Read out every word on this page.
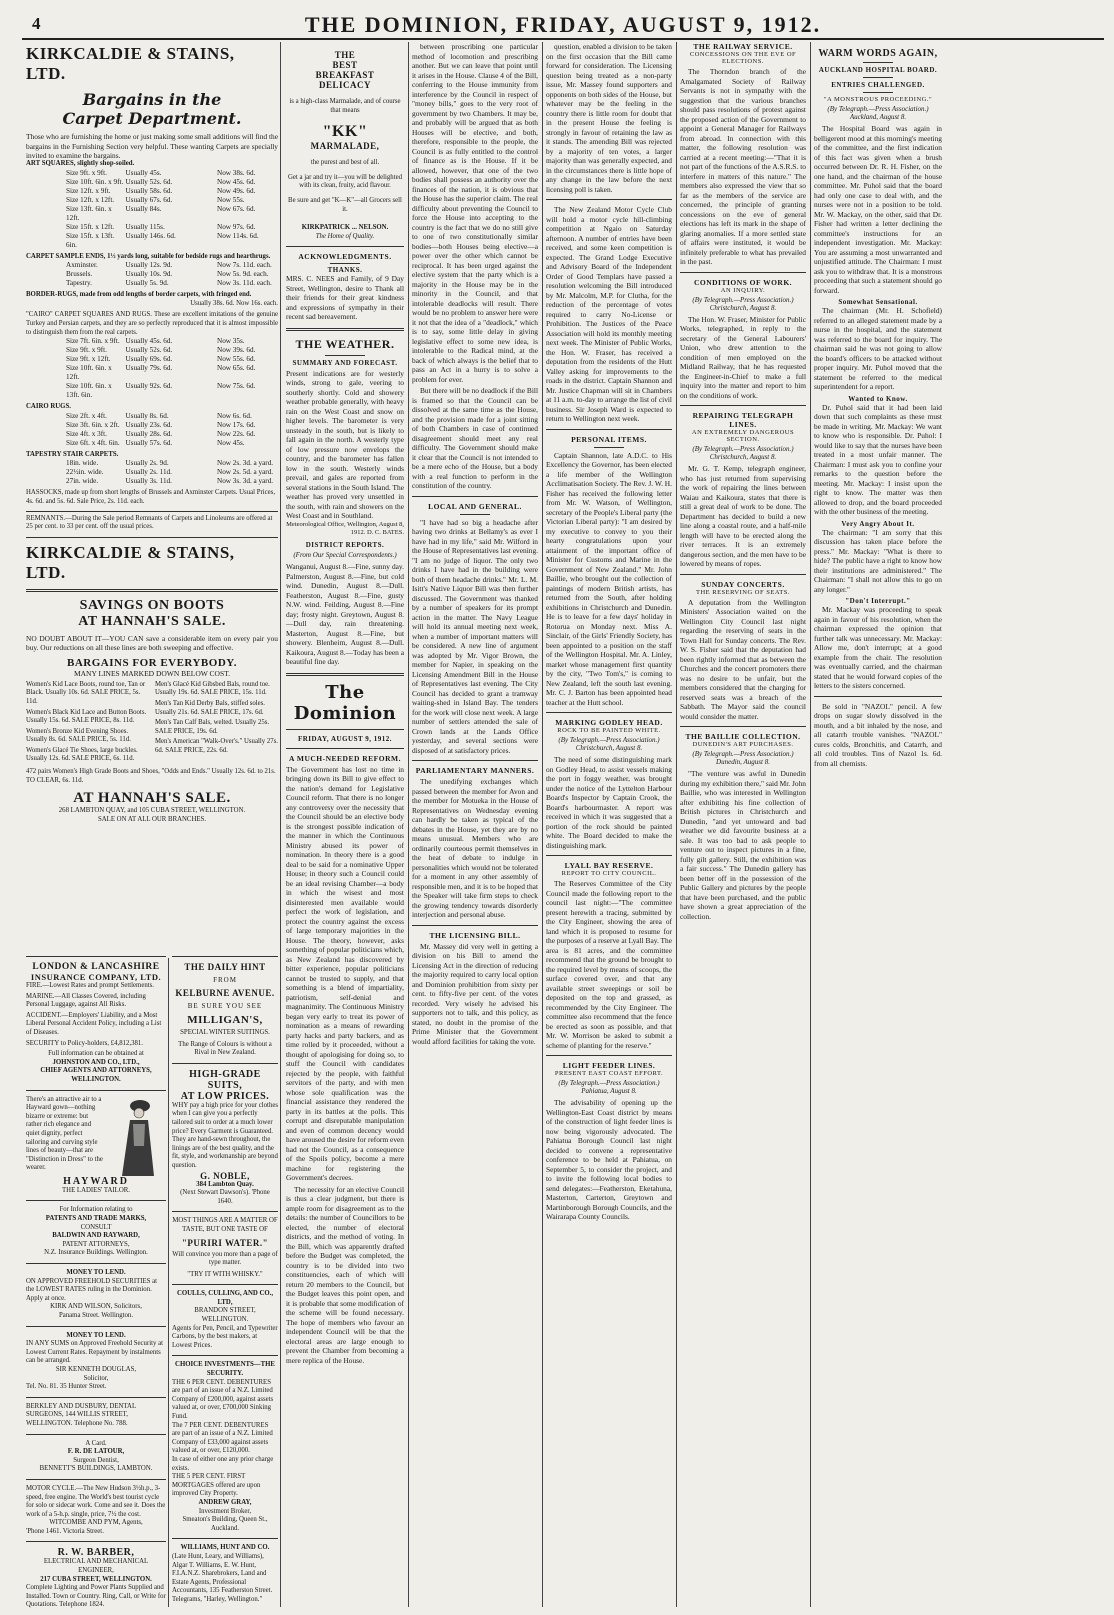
4	THE DOMINION, FRIDAY, AUGUST 9, 1912.
KIRKCALDIE & STAINS, LTD.
Bargains in the
Carpet Department.
Those who are furnishing the home or just making some small additions will find the bargains in the Furnishing Section very helpful. These wanting Carpets are specially invited to examine the bargains.
ART SQUARES, slightly shop-soiled.
Size 9ft. x 9ft.	Usually 45s.	Now 38s. 6d.
Size 10ft. 6in. x 9ft. Usually 52s. 6d.	Now 45s. 6d.
Size 12ft. x 9ft.	Usually 58s. 6d.	Now 49s. 6d.
Size 12ft. x 12ft.	Usually 67s. 6d.	Now 55s.
Size 13ft. 6in. x 12ft.
Usually 84s.	Now 67s. 6d.
Size 15ft. x 12ft.	Usually 115s.	Now 97s. 6d.
Size 15ft. x 13ft. 6in.
Usually 146s. 6d.	Now 114s. 6d.
CARPET SAMPLE ENDS, 1½ yards long, suitable for bedside rugs and hearthrugs.
Axminster.	Usually 12s. 9d.	Now 7s. 11d. each.
Brussels.	Usually 10s. 9d.	Now 5s. 9d. each.
Tapestry.	Usually 5s. 9d.	Now 3s. 11d. each.
BORDER-RUGS, made from odd lengths of border carpets, with fringed end.
Usually 38s. 6d. Now 16s. each.
"CAIRO" CARPET SQUARES AND RUGS. These are excellent imitations of the genuine Turkey and Persian carpets, and they are so perfectly reproduced that it is almost impossible to distinguish them from the real carpets.
Size 7ft. 6in. x 9ft. Usually 45s. 6d.	Now 35s.
Size 9ft. x 9ft.	Usually 52s. 6d.	Now 39s. 6d.
Size 9ft. x 12ft.	Usually 69s. 6d.	Now 55s. 6d.
Size 10ft. 6in. x 12ft.
Usually 79s. 6d.	Now 65s. 6d.
Size 10ft. 6in. x 13ft. 6in.
Usually 92s. 6d.	Now 75s. 6d.
CAIRO RUGS.
Size 2ft. x 4ft.	Usually 8s. 6d.	Now 6s. 6d.
Size 3ft. 6in. x 2ft. Usually 23s. 6d.	Now 17s. 6d.
Size 4ft. x 3ft.	Usually 28s. 6d.	Now 22s. 6d.
Size 6ft. x 4ft. 6in. Usually 57s. 6d.	Now 45s.
TAPESTRY STAIR CARPETS.
18in. wide.	Usually 2s. 9d.	Now 2s. 3d. a yard.
22½in. wide.	Usually 2s. 11d.	Now 2s. 5d. a yard.
27in. wide.	Usually 3s. 11d.	Now 3s. 3d. a yard.
HASSOCKS, made up from short lengths of Brussels and Axminster Carpets. Usual Prices, 4s. 6d. and 5s. 6d. Sale Price, 2s. 11d. each.
REMNANTS.—During the Sale period Remnants of Carpets and Linoleums are offered at 25 per cent. to 33 per cent. off the usual prices.
KIRKCALDIE & STAINS, LTD.
SAVINGS ON BOOTS
AT HANNAH'S SALE.
NO DOUBT ABOUT IT—YOU CAN save a considerable item on every pair you buy. Our reductions on all these lines are both sweeping and effective.
BARGAINS FOR EVERYBODY.
MANY LINES MARKED DOWN BELOW COST.
Women's Kid Lace Boots, round toe, Tan or Black. Usually 10s. 6d. SALE PRICE, 5s. 11d.
Women's Black Kid Lace and Button Boots. Usually 15s. 6d. SALE PRICE, 8s. 11d.
Women's Bronze Kid Evening Shoes. Usually 8s. 6d. SALE PRICE, 5s. 11d.
Women's Glacé Tie Shoes, large buckles. Usually 12s. 6d. SALE PRICE, 6s. 11d.
Men's Glacé Kid Gibsbed Bals, round toe. Usually 19s. 6d. SALE PRICE, 15s. 11d.
Men's Tan Kid Derby Bals, stiffed soles. Usually 21s. 6d. SALE PRICE, 17s. 6d.
Men's Tan Calf Bals, welted. Usually 25s. SALE PRICE, 19s. 6d.
Men's American "Walk-Over's." Usually 27s. 6d. SALE PRICE, 22s. 6d.
472 pairs Women's High Grade Boots and Shoes, "Odds and Ends." Usually 12s. 6d. to 21s. TO CLEAR, 6s. 11d.
AT HANNAH'S SALE.
268 LAMBTON QUAY, and 105 CUBA STREET, WELLINGTON.
SALE ON AT ALL OUR BRANCHES.
LONDON & LANCASHIRE
INSURANCE COMPANY, LTD.
FIRE.—Lowest Rates and prompt Settlements.
MARINE.—All Classes Covered, including Personal Luggage, against All Risks.
ACCIDENT.—Employers' Liability, and a Most Liberal Personal Accident Policy, including a List of Diseases.
SECURITY to Policy-holders, £4,812,381.
Full information can be obtained at
JOHNSTON AND CO., LTD.,
CHIEF AGENTS AND ATTORNEYS,
WELLINGTON.
There's an attractive air to a Hayward gown—nothing bizarre or extreme: but rather rich elegance and quiet dignity, perfect tailoring and curving style lines of beauty—that are "Distinction in Dress" to the wearer.
HAYWARD
THE LADIES' TAILOR.
For Information relating to
PATENTS AND TRADE MARKS,
CONSULT
BALDWIN AND RAYWARD,
PATENT ATTORNEYS,
N.Z. Insurance Buildings. Wellington.
MONEY TO LEND.
ON APPROVED FREEHOLD SECURITIES at the LOWEST RATES ruling in the Dominion. Apply at once.
KIRK AND WILSON, Solicitors,
Panama Street. Wellington.
MONEY TO LEND.
IN ANY SUMS on Approved Freehold Security at Lowest Current Rates. Repayment by instalments can be arranged.
SIR KENNETH DOUGLAS,
Solicitor,
Tel. No. 81. 35 Hunter Street.
BERKLEY AND DUSBURY, DENTAL SURGEONS, 144 WILLIS STREET, WELLINGTON. Telephone No. 788.
A Card.
F. R. DE LATOUR,
Surgeon Dentist,
BENNETT'S BUILDINGS, LAMBTON.
MOTOR CYCLE.—The New Hudson 3½h.p., 3-speed, free engine. The World's best tourist cycle for solo or sidecar work. Come and see it. Does the work of a 5-h.p. single, price, 7½ the cost.
WITCOMBE AND PYM, Agents,
'Phone 1461. Victoria Street.
R. W. BARBER,
ELECTRICAL AND MECHANICAL ENGINEER,
217 CUBA STREET, WELLINGTON.
Complete Lighting and Power Plants Supplied and Installed. Town or Country. Ring, Call, or Write for Quotations. Telephone 1824.
THE DAILY HINT
FROM
KELBURNE AVENUE.
BE SURE YOU SEE
MILLIGAN'S,
SPECIAL WINTER SUITINGS.
The Range of Colours is without a Rival in New Zealand.
HIGH-GRADE SUITS,
AT LOW PRICES.
WHY pay a high price for your clothes when I can give you a perfectly tailored suit to order at a much lower price? Every Garment is Guaranteed. They are hand-sewn throughout, the linings are of the best quality, and the fit, style, and workmanship are beyond question.
G. NOBLE,
384 Lambton Quay.
(Next Stewart Dawson's). 'Phone 1640.
MOST THINGS ARE A MATTER OF
TASTE, BUT ONE TASTE OF
"PURIRI WATER."
Will convince you more than a page of type matter.
"TRY IT WITH WHISKY."
COULLS, CULLING, AND CO., LTD,
BRANDON STREET,
WELLINGTON.
Agents for Pen, Pencil, and Typewriter Carbons, by the best makers, at Lowest Prices.
CHOICE INVESTMENTS—THE SECURITY.
THE 6 PER CENT. DEBENTURES are part of an issue of a N.Z. Limited Company of £200,000, against assets valued at, or over, £700,000 Sinking Fund.
The 7 PER CENT. DEBENTURES are part of an issue of a N.Z. Limited Company of £33,000 against assets valued at, or over, £120,000.
In case of either one any prior charge exists.
THE 5 PER CENT. FIRST MORTGAGES offered are upon improved City Property.
ANDREW GRAY,
Investment Broker,
Smeaton's Building, Queen St., Auckland.
WILLIAMS, HUNT AND CO.
(Late Hunt, Leary, and Williams), Algar T. Williams, E. W. Hunt, F.I.A.N.Z. Sharebrokers, Land and Estate Agents, Professional Accountants, 135 Featherston Street. Telegrams, "Harley, Wellington."
THE
BEST
BREAKFAST
DELICACY
is a high-class Marmalade, and of course that means
"KK"
MARMALADE,
the purest and best of all.
Get a jar and try it—you will be delighted with its clean, fruity, acid flavour.
Be sure and get "K—K"—all Grocers sell it.
KIRKPATRICK ... NELSON.
The Home of Quality.
ACKNOWLEDGMENTS.
THANKS.
MRS. C. NEES and Family, of 9 Day Street, Wellington, desire to Thank all their friends for their great kindness and expressions of sympathy in their recent sad bereavement.
THE WEATHER.
SUMMARY AND FORECAST.
Present indications are for westerly winds, strong to gale, veering to southerly shortly. Cold and showery weather probable generally, with heavy rain on the West Coast and snow on higher levels. The barometer is very unsteady in the south, but is likely to fall again in the north. A westerly type of low pressure now envelops the country, and the barometer has fallen low in the south. Westerly winds prevail, and gales are reported from several stations in the South Island. The weather has proved very unsettled in the south, with rain and showers on the West Coast and in Southland.
Meteorological Office, Wellington, August 8, 1912. D. C. BATES.
DISTRICT REPORTS.
(From Our Special Correspondents.)
Wanganui, August 8.—Fine, sunny day. Palmerston, August 8.—Fine, but cold wind. Dunedin, August 8.—Dull. Featherston, August 8.—Fine, gusty N.W. wind. Feilding, August 8.—Fine day; frosty night. Greytown, August 8.—Dull day, rain threatening. Masterton, August 8.—Fine, but showery. Blenheim, August 8.—Dull. Kaikoura, August 8.—Today has been a beautiful fine day.
The Dominion
FRIDAY, AUGUST 9, 1912.
A MUCH-NEEDED REFORM.
The Government has lost no time in bringing down its Bill to give effect to the nation's demand for Legislative Council reform. That there is no longer any controversy over the necessity that the Council should be an elective body is the strongest possible indication of the manner in which the Continuous Ministry abused its power of nomination. In theory there is a good deal to be said for a nominative Upper House; in theory such a Council could be an ideal revising Chamber—a body in which the wisest and most disinterested men available would perfect the work of legislation, and protect the country against the excess of large temporary majorities in the House. The theory, however, asks something of popular politicians which, as New Zealand has discovered by bitter experience, popular politicians cannot be trusted to supply, and that something is a blend of impartiality, patriotism, self-denial and magnanimity. The Continuous Ministry began very early to treat its power of nomination as a means of rewarding party hacks and party backers, and as time rolled by it proceeded, without a thought of apologising for doing so, to stuff the Council with candidates rejected by the people, with faithful servitors of the party, and with men whose sole qualification was the financial assistance they rendered the party in its battles at the polls. This corrupt and disreputable manipulation and even of common decency would have aroused the desire for reform even had not the Council, as a consequence of the Spoils policy, become a mere machine for registering the Government's decrees.
The necessity for an elective Council is thus a clear judgment, but there is ample room for disagreement as to the details: the number of Councillors to be elected, the number of electoral districts, and the method of voting. In the Bill, which was apparently drafted before the Budget was completed, the country is to be divided into two constituencies, each of which will return 20 members to the Council, but the Budget leaves this point open, and it is probable that some modification of the scheme will be found necessary. The hope of members who favour an independent Council will be that the electoral areas are large enough to prevent the Chamber from becoming a mere replica of the House.
between proscribing one particular method of locomotion and prescribing another. But we can leave that point until it arises in the House. Clause 4 of the Bill, conferring to the House immunity from interference by the Council in respect of "money bills," goes to the very root of government by two Chambers. It may be, and probably will be argued that as both Houses will be elective, and both, therefore, responsible to the people, the Council is as fully entitled to the control of finance as is the House. If it be allowed, however, that one of the two bodies shall possess an authority over the finances of the nation, it is obvious that the House has the superior claim. The real difficulty about preventing the Council to force the House into accepting to the country is the fact that we do no still give to one of two constitutionally similar bodies—both Houses being elective—a power over the other which cannot be reciprocal. It has been urged against the elective system that the party which is a majority in the House may be in the minority in the Council, and that intolerable deadlocks will result. There would be no problem to answer here were it not that the idea of a "deadlock," which is to say, some little delay in giving legislative effect to some new idea, is intolerable to the Radical mind, at the back of which always is the belief that to pass an Act in a hurry is to solve a problem for ever.
But there will be no deadlock if the Bill is framed so that the Council can be dissolved at the same time as the House, and the provision made for a joint sitting of both Chambers in case of continued disagreement should meet any real difficulty. The Government should make it clear that the Council is not intended to be a mere echo of the House, but a body with a real function to perform in the constitution of the country.
LOCAL AND GENERAL.
"I have had so big a headache after having two drinks at Bellamy's as ever I have had in my life," said Mr. Wilford in the House of Representatives last evening. "I am no judge of liquor. The only two drinks I have had in the building were both of them headache drinks." Mr. L. M. Isitt's Native Liquor Bill was then further discussed. The Government was thanked by a number of speakers for its prompt action in the matter. The Navy League will hold its annual meeting next week, when a number of important matters will be considered. A new line of argument was adopted by Mr. Vigor Brown, the member for Napier, in speaking on the Licensing Amendment Bill in the House of Representatives last evening. The City Council has decided to grant a tramway waiting-shed in Island Bay. The tenders for the work will close next week. A large number of settlers attended the sale of Crown lands at the Lands Office yesterday, and several sections were disposed of at satisfactory prices.
PARLIAMENTARY MANNERS.
The unedifying exchanges which passed between the member for Avon and the member for Motueka in the House of Representatives on Wednesday evening can hardly be taken as typical of the debates in the House, yet they are by no means unusual. Members who are ordinarily courteous permit themselves in the heat of debate to indulge in personalities which would not be tolerated for a moment in any other assembly of responsible men, and it is to be hoped that the Speaker will take firm steps to check the growing tendency towards disorderly interjection and personal abuse.
THE LICENSING BILL.
Mr. Massey did very well in getting a division on his Bill to amend the Licensing Act in the direction of reducing the majority required to carry local option and Dominion prohibition from sixty per cent. to fifty-five per cent. of the votes recorded. Very wisely he advised his supporters not to talk, and this policy, as stated, no doubt in the promise of the Prime Minister that the Government would afford facilities for taking the vote.
question, enabled a division to be taken on the first occasion that the Bill came forward for consideration. The Licensing question being treated as a non-party issue, Mr. Massey found supporters and opponents on both sides of the House, but whatever may be the feeling in the country there is little room for doubt that in the present House the feeling is strongly in favour of retaining the law as it stands. The amending Bill was rejected by a majority of ten votes, a larger majority than was generally expected, and in the circumstances there is little hope of any change in the law before the next licensing poll is taken.
The New Zealand Motor Cycle Club will hold a motor cycle hill-climbing competition at Ngaio on Saturday afternoon. A number of entries have been received, and some keen competition is expected. The Grand Lodge Executive and Advisory Board of the Independent Order of Good Templars have passed a resolution welcoming the Bill introduced by Mr. Malcolm, M.P. for Clutha, for the reduction of the percentage of votes required to carry No-License or Prohibition. The Justices of the Peace Association will hold its monthly meeting next week. The Minister of Public Works, the Hon. W. Fraser, has received a deputation from the residents of the Hutt Valley asking for improvements to the roads in the district. Captain Shannon and Mr. Justice Chapman will sit in Chambers at 11 a.m. to-day to arrange the list of civil business. Sir Joseph Ward is expected to return to Wellington next week.
PERSONAL ITEMS.
Captain Shannon, late A.D.C. to His Excellency the Governor, has been elected a life member of the Wellington Acclimatisation Society. The Rev. J. W. H. Fisher has received the following letter from Mr. W. Watson, of Wellington, secretary of the People's Liberal party (the Victorian Liberal party): "I am desired by my executive to convey to you their hearty congratulations upon your attainment of the important office of Minister for Customs and Marine in the Government of New Zealand." Mr. John Baillie, who brought out the collection of paintings of modern British artists, has returned from the South, after holding exhibitions in Christchurch and Dunedin. He is to leave for a few days' holiday in Rotorua on Monday next. Miss A. Sinclair, of the Girls' Friendly Society, has been appointed to a position on the staff of the Wellington Hospital. Mr. A. Linley, market whose management first quantity by the city, "Two Tom's," is coming to New Zealand, left the south last evening. Mr. C. J. Barton has been appointed head teacher at the Hutt school.
MARKING GODLEY HEAD.
ROCK TO BE PAINTED WHITE.
(By Telegraph.—Press Association.) Christchurch, August 8.
The need of some distinguishing mark on Godley Head, to assist vessels making the port in foggy weather, was brought under the notice of the Lyttelton Harbour Board's Inspector by Captain Crook, the Board's harbourmaster. A report was received in which it was suggested that a portion of the rock should be painted white. The Board decided to make the distinguishing mark.
LYALL BAY RESERVE.
REPORT TO CITY COUNCIL.
The Reserves Committee of the City Council made the following report to the council last night:—"The committee present herewith a tracing, submitted by the City Engineer, showing the area of land which it is proposed to resume for the purposes of a reserve at Lyall Bay. The area is 81 acres, and the committee recommend that the ground be brought to the required level by means of scoops, the surface covered over, and that any available street sweepings or soil be deposited on the top and grassed, as recommended by the City Engineer. The committee also recommend that the fence be erected as soon as possible, and that Mr. W. Morrison be asked to submit a scheme of planting for the reserve."
LIGHT FEEDER LINES.
PRESENT EAST COAST EFFORT.
(By Telegraph.—Press Association.) Pahiatua, August 8.
The advisability of opening up the Wellington-East Coast district by means of the construction of light feeder lines is now being vigorously advocated. The Pahiatua Borough Council last night decided to convene a representative conference to be held at Pahiatua, on September 5, to consider the project, and to invite the following local bodies to send delegates:—Featherston, Eketahuna, Masterton, Carterton, Greytown and Martinborough Borough Councils, and the Wairarapa County Councils.
THE RAILWAY SERVICE.
CONCESSIONS ON THE EVE OF ELECTIONS.
The Thorndon branch of the Amalgamated Society of Railway Servants is not in sympathy with the suggestion that the various branches should pass resolutions of protest against the proposed action of the Government to appoint a General Manager for Railways from abroad. In connection with this matter, the following resolution was carried at a recent meeting:—"That it is not part of the functions of the A.S.R.S. to interfere in matters of this nature." The members also expressed the view that so far as the members of the service are concerned, the principle of granting concessions on the eve of general elections has left its mark in the shape of glaring anomalies. If a more settled state of affairs were instituted, it would be infinitely preferable to what has prevailed in the past.
CONDITIONS OF WORK.
AN INQUIRY.
(By Telegraph.—Press Association.) Christchurch, August 8.
The Hon. W. Fraser, Minister for Public Works, telegraphed, in reply to the secretary of the General Labourers' Union, who drew attention to the condition of men employed on the Midland Railway, that he has requested the Engineer-in-Chief to make a full inquiry into the matter and report to him on the conditions of work.
REPAIRING TELEGRAPH LINES.
AN EXTREMELY DANGEROUS SECTION.
(By Telegraph.—Press Association.) Christchurch, August 8.
Mr. G. T. Kemp, telegraph engineer, who has just returned from supervising the work of repairing the lines between Waiau and Kaikoura, states that there is still a great deal of work to be done. The Department has decided to build a new line along a coastal route, and a half-mile length will have to be erected along the river terraces. It is an extremely dangerous section, and the men have to be lowered by means of ropes.
SUNDAY CONCERTS.
THE RESERVING OF SEATS.
A deputation from the Wellington Ministers' Association waited on the Wellington City Council last night regarding the reserving of seats in the Town Hall for Sunday concerts. The Rev. W. S. Fisher said that the deputation had been rightly informed that as between the Churches and the concert promoters there was no desire to be unfair, but the members considered that the charging for reserved seats was a breach of the Sabbath. The Mayor said the council would consider the matter.
THE BAILLIE COLLECTION.
DUNEDIN'S ART PURCHASES.
(By Telegraph.—Press Association.) Dunedin, August 8.
"The venture was awful in Dunedin during my exhibition there," said Mr. John Baillie, who was interested in Wellington after exhibiting his fine collection of British pictures in Christchurch and Dunedin, "and yet untoward and bad weather we did favourite business at a sale. It was too bad to ask people to venture out to inspect pictures in a fine, fully gilt gallery. Still, the exhibition was a fair success." The Dunedin gallery has been better off in the possession of the Public Gallery and pictures by the people that have been purchased, and the public have shown a great appreciation of the collection.
WARM WORDS AGAIN,
AUCKLAND HOSPITAL BOARD.
ENTRIES CHALLENGED.
"A MONSTROUS PROCEEDING."
(By Telegraph.—Press Association.) Auckland, August 8.
The Hospital Board was again in belligerent mood at this morning's meeting of the committee, and the first indication of this fact was given when a brush occurred between Dr. R. H. Fisher, on the one hand, and the chairman of the house committee. Mr. Puhol said that the board had only one case to deal with, and the nurses were not in a position to be told. Mr. W. Mackay, on the other, said that Dr. Fisher had written a letter declining the committee's instructions for an independent investigation. Mr. Mackay: You are assuming a most unwarranted and unjustified attitude. The Chairman: I must ask you to withdraw that. It is a monstrous proceeding that such a statement should go forward.
Somewhat Sensational.
The chairman (Mr. H. Schofield) referred to an alleged statement made by a nurse in the hospital, and the statement was referred to the board for inquiry. The chairman said he was not going to allow the board's officers to be attacked without proper inquiry. Mr. Puhol moved that the statement be referred to the medical superintendent for a report.
Wanted to Know.
Dr. Puhol said that it had been laid down that such complaints as these must be made in writing. Mr. Mackay: We want to know who is responsible. Dr. Puhol: I would like to say that the nurses have been treated in a most unfair manner. The Chairman: I must ask you to confine your remarks to the question before the meeting. Mr. Mackay: I insist upon the right to know. The matter was then allowed to drop, and the board proceeded with the other business of the meeting.
Very Angry About It.
The chairman: "I am sorry that this discussion has taken place before the press." Mr. Mackay: "What is there to hide? The public have a right to know how their institutions are administered." The Chairman: "I shall not allow this to go on any longer."
"Don't Interrupt."
Mr. Mackay was proceeding to speak again in favour of his resolution, when the chairman expressed the opinion that further talk was unnecessary. Mr. Mackay: Allow me, don't interrupt; at a good example from the chair. The resolution was eventually carried, and the chairman stated that he would forward copies of the letters to the sisters concerned.
Be sold in "NAZOL" pencil. A few drops on sugar slowly dissolved in the mouth, and a bit inhaled by the nose, and all catarrh trouble vanishes. "NAZOL" cures colds, Bronchitis, and Catarrh, and all cold troubles. Tins of Nazol 1s. 6d. from all chemists.
